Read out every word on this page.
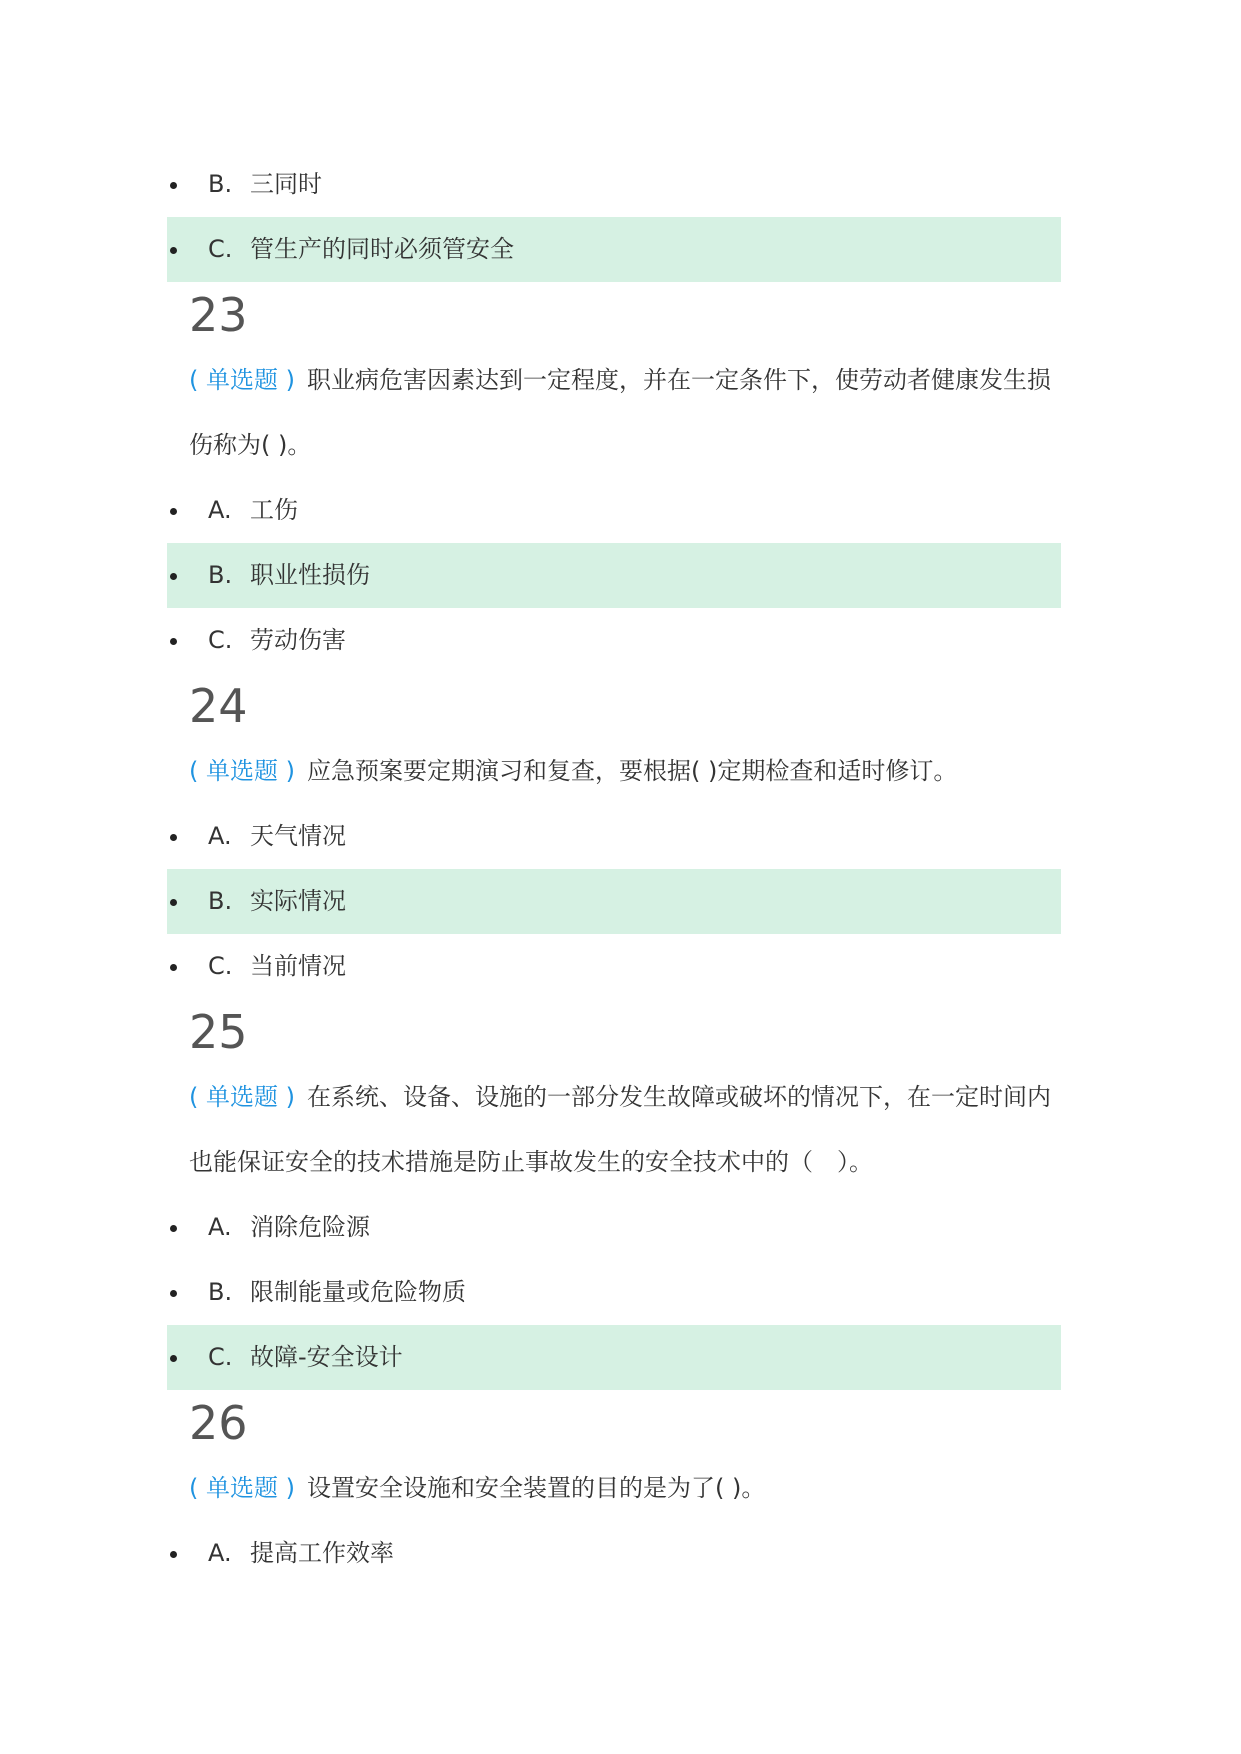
B. 三同时
C. 管生产的同时必须管安全
23
( 单选题 ) 职业病危害因素达到一定程度，并在一定条件下，使劳动者健康发生损伤称为( )。
A. 工伤
B. 职业性损伤
C. 劳动伤害
24
( 单选题 ) 应急预案要定期演习和复查，要根据( )定期检查和适时修订。
A. 天气情况
B. 实际情况
C. 当前情况
25
( 单选题 ) 在系统、设备、设施的一部分发生故障或破坏的情况下，在一定时间内也能保证安全的技术措施是防止事故发生的安全技术中的（　）。
A. 消除危险源
B. 限制能量或危险物质
C. 故障-安全设计
26
( 单选题 ) 设置安全设施和安全装置的目的是为了( )。
A. 提高工作效率
